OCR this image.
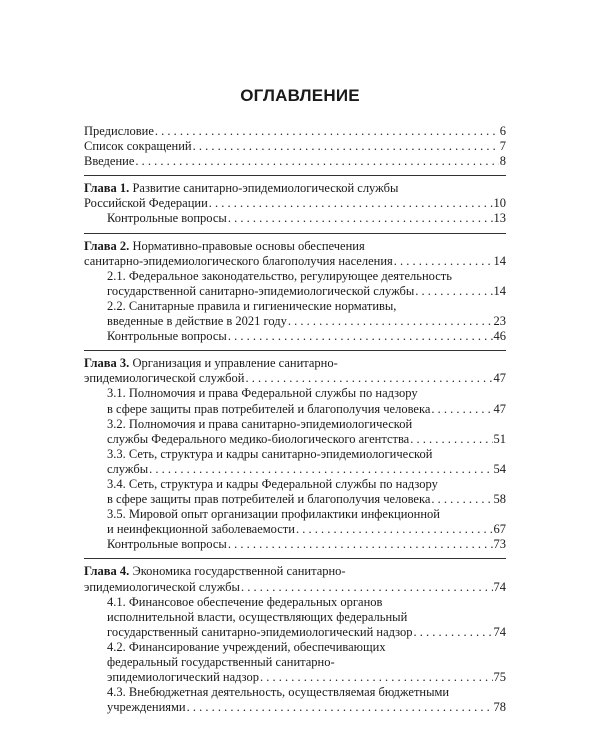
ОГЛАВЛЕНИЕ
Предисловие . . .	6
Список сокращений . . .	7
Введение . . .	8
Глава 1. Развитие санитарно-эпидемиологической службы
Российской Федерации . . .	10
Контрольные вопросы . . .	13
Глава 2. Нормативно-правовые основы обеспечения
санитарно-эпидемиологического благополучия населения . . .	14
2.1. Федеральное законодательство, регулирующее деятельность
государственной санитарно-эпидемиологической службы . . .	14
2.2. Санитарные правила и гигиенические нормативы,
введенные в действие в 2021 году . . .	23
Контрольные вопросы . . .	46
Глава 3. Организация и управление санитарно-
эпидемиологической службой . . .	47
3.1. Полномочия и права Федеральной службы по надзору
в сфере защиты прав потребителей и благополучия человека . . .	47
3.2. Полномочия и права санитарно-эпидемиологической
службы Федерального медико-биологического агентства . . .	51
3.3. Сеть, структура и кадры санитарно-эпидемиологической
службы . . .	54
3.4. Сеть, структура и кадры Федеральной службы по надзору
в сфере защиты прав потребителей и благополучия человека . . .	58
3.5. Мировой опыт организации профилактики инфекционной
и неинфекционной заболеваемости . . .	67
Контрольные вопросы . . .	73
Глава 4. Экономика государственной санитарно-
эпидемиологической службы . . .	74
4.1. Финансовое обеспечение федеральных органов
исполнительной власти, осуществляющих федеральный
государственный санитарно-эпидемиологический надзор . . .	74
4.2. Финансирование учреждений, обеспечивающих
федеральный государственный санитарно-
эпидемиологический надзор . . .	75
4.3. Внебюджетная деятельность, осуществляемая бюджетными
учреждениями . . .	78
